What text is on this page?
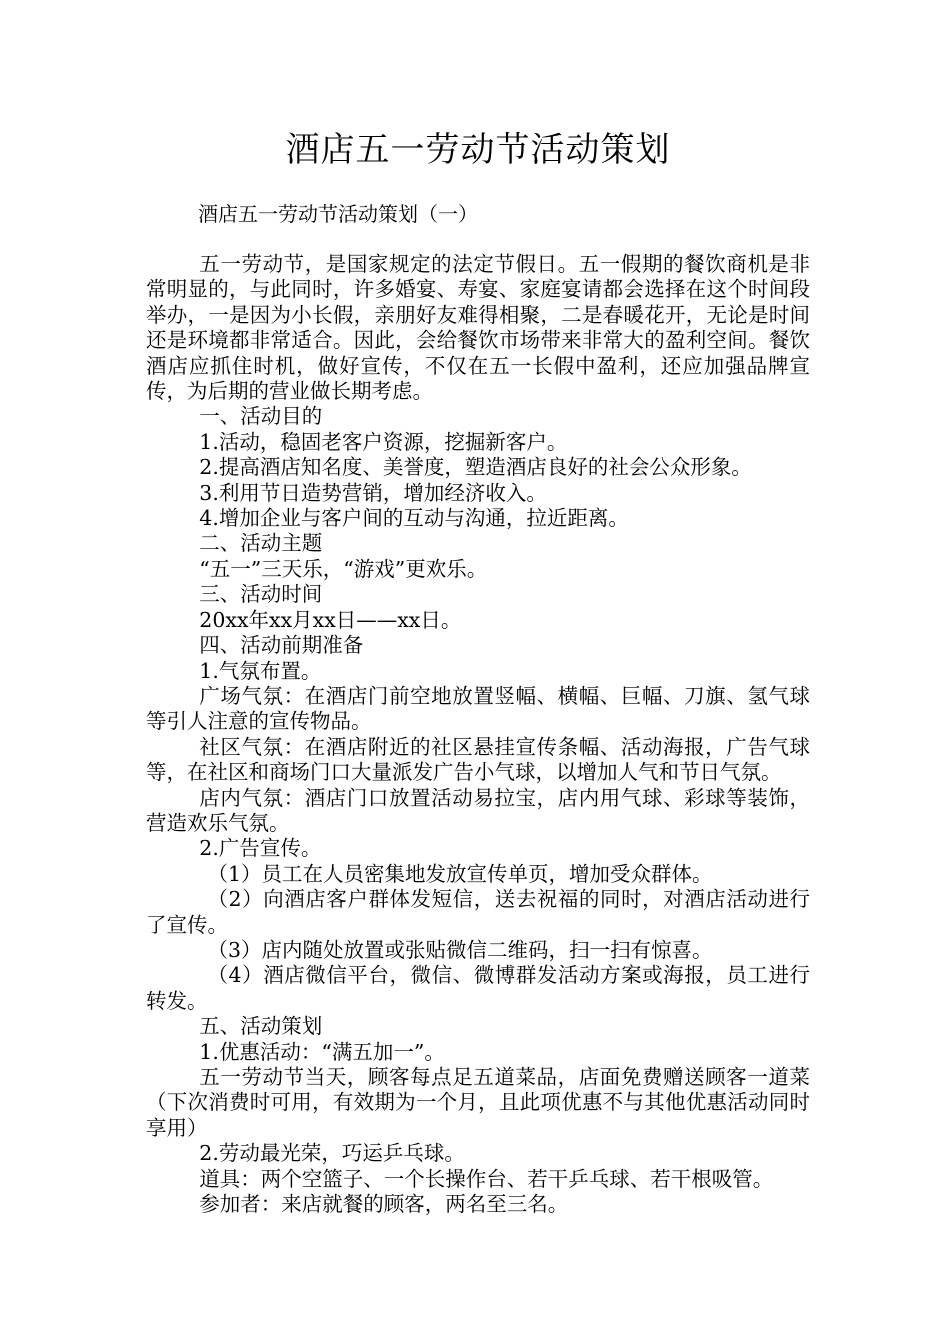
酒店五一劳动节活动策划
酒店五一劳动节活动策划（一）

五一劳动节，是国家规定的法定节假日。五一假期的餐饮商机是非常明显的，与此同时，许多婚宴、寿宴、家庭宴请都会选择在这个时间段举办，一是因为小长假，亲朋好友难得相聚，二是春暖花开，无论是时间还是环境都非常适合。因此，会给餐饮市场带来非常大的盈利空间。餐饮酒店应抓住时机，做好宣传，不仅在五一长假中盈利，还应加强品牌宣传，为后期的营业做长期考虑。

一、活动目的

1.活动，稳固老客户资源，挖掘新客户。

2.提高酒店知名度、美誉度，塑造酒店良好的社会公众形象。

3.利用节日造势营销，增加经济收入。

4.增加企业与客户间的互动与沟通，拉近距离。

二、活动主题

“五一”三天乐，“游戏”更欢乐。

三、活动时间

20xx年xx月xx日——xx日。

四、活动前期准备

1.气氛布置。

广场气氛：在酒店门前空地放置竖幅、横幅、巨幅、刀旗、氢气球等引人注意的宣传物品。

社区气氛：在酒店附近的社区悬挂宣传条幅、活动海报，广告气球等，在社区和商场门口大量派发广告小气球，以增加人气和节日气氛。

店内气氛：酒店门口放置活动易拉宝，店内用气球、彩球等装饰，营造欢乐气氛。

2.广告宣传。

（1）员工在人员密集地发放宣传单页，增加受众群体。

（2）向酒店客户群体发短信，送去祝福的同时，对酒店活动进行了宣传。

（3）店内随处放置或张贴微信二维码，扫一扫有惊喜。

（4）酒店微信平台，微信、微博群发活动方案或海报，员工进行转发。

五、活动策划

1.优惠活动：“满五加一”。

五一劳动节当天，顾客每点足五道菜品，店面免费赠送顾客一道菜（下次消费时可用，有效期为一个月，且此项优惠不与其他优惠活动同时享用）

2.劳动最光荣，巧运乒乓球。

道具：两个空篮子、一个长操作台、若干乒乓球、若干根吸管。

参加者：来店就餐的顾客，两名至三名。
